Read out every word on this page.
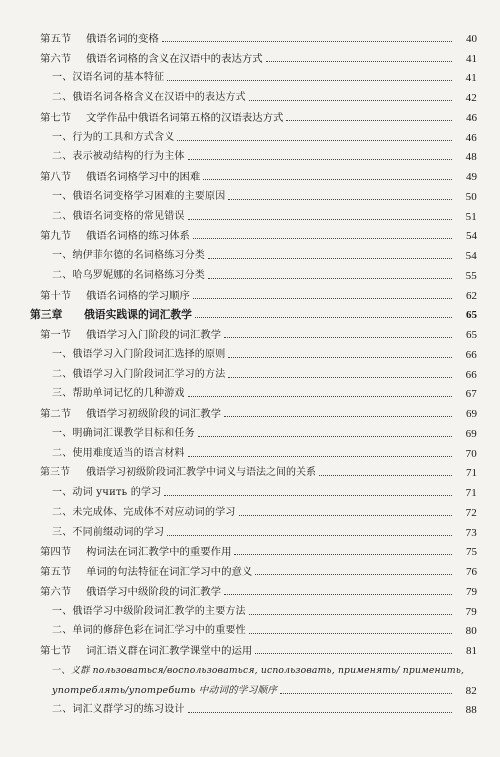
第五节	俄语名词的变格	40
第六节	俄语名词格的含义在汉语中的表达方式	41
一、 汉语名词的基本特征	41
二、 俄语名词各格含义在汉语中的表达方式	42
第七节	文学作品中俄语名词第五格的汉语表达方式	46
一、 行为的工具和方式含义	46
二、 表示被动结构的行为主体	48
第八节	俄语名词格学习中的困难	49
一、 俄语名词变格学习困难的主要原因	50
二、 俄语名词变格的常见错误	51
第九节	俄语名词格的练习体系	54
一、 纳伊菲尔德的名词格练习分类	54
二、 哈乌罗妮娜的名词格练习分类	55
第十节	俄语名词格的学习顺序	62
第三章	俄语实践课的词汇教学	65
第一节	俄语学习入门阶段的词汇教学	65
一、 俄语学习入门阶段词汇选择的原则	66
二、 俄语学习入门阶段词汇学习的方法	66
三、 帮助单词记忆的几种游戏	67
第二节	俄语学习初级阶段的词汇教学	69
一、 明确词汇课教学目标和任务	69
二、 使用难度适当的语言材料	70
第三节	俄语学习初级阶段词汇教学中词义与语法之间的关系	71
一、 动词 учить 的学习	71
二、 未完成体、完成体不对应动词的学习	72
三、 不同前缀动词的学习	73
第四节	构词法在词汇教学中的重要作用	75
第五节	单词的句法特征在词汇学习中的意义	76
第六节	俄语学习中级阶段的词汇教学	79
一、 俄语学习中级阶段词汇教学的主要方法	79
二、 单词的修辞色彩在词汇学习中的重要性	80
第七节	词汇语义群在词汇教学课堂中的运用	81
一、 义群 пользоваться/воспользоваться, использовать, применять/ применить,
употреблять/употребить 中动词的学习顺序	82
二、 词汇义群学习的练习设计	88
